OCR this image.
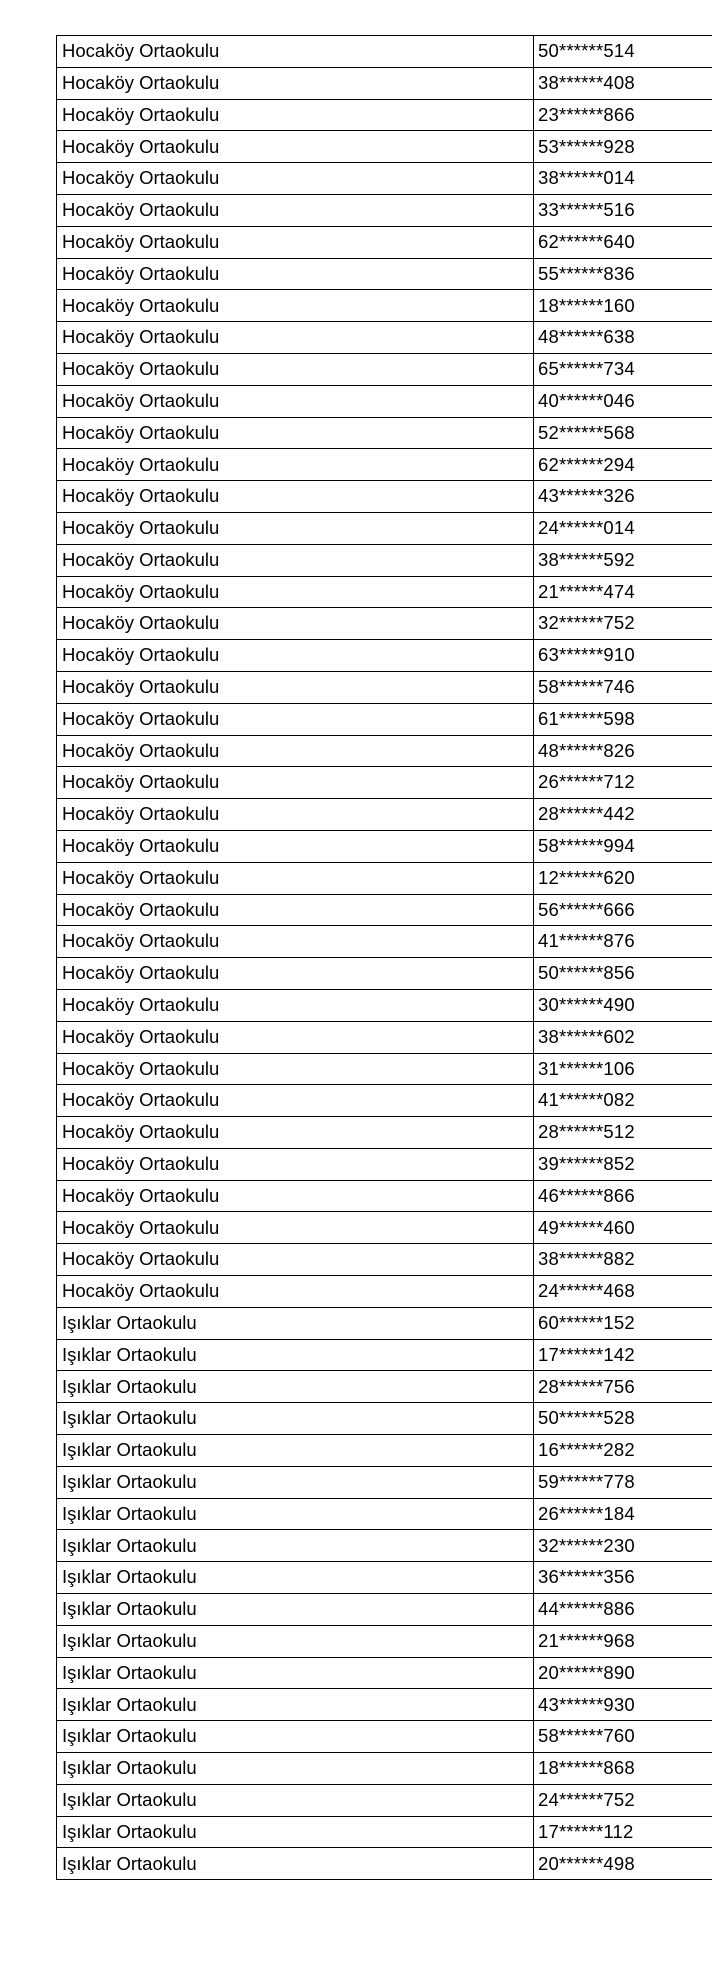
Hocaköy Ortaokulu	50******514
Hocaköy Ortaokulu	38******408
Hocaköy Ortaokulu	23******866
Hocaköy Ortaokulu	53******928
Hocaköy Ortaokulu	38******014
Hocaköy Ortaokulu	33******516
Hocaköy Ortaokulu	62******640
Hocaköy Ortaokulu	55******836
Hocaköy Ortaokulu	18******160
Hocaköy Ortaokulu	48******638
Hocaköy Ortaokulu	65******734
Hocaköy Ortaokulu	40******046
Hocaköy Ortaokulu	52******568
Hocaköy Ortaokulu	62******294
Hocaköy Ortaokulu	43******326
Hocaköy Ortaokulu	24******014
Hocaköy Ortaokulu	38******592
Hocaköy Ortaokulu	21******474
Hocaköy Ortaokulu	32******752
Hocaköy Ortaokulu	63******910
Hocaköy Ortaokulu	58******746
Hocaköy Ortaokulu	61******598
Hocaköy Ortaokulu	48******826
Hocaköy Ortaokulu	26******712
Hocaköy Ortaokulu	28******442
Hocaköy Ortaokulu	58******994
Hocaköy Ortaokulu	12******620
Hocaköy Ortaokulu	56******666
Hocaköy Ortaokulu	41******876
Hocaköy Ortaokulu	50******856
Hocaköy Ortaokulu	30******490
Hocaköy Ortaokulu	38******602
Hocaköy Ortaokulu	31******106
Hocaköy Ortaokulu	41******082
Hocaköy Ortaokulu	28******512
Hocaköy Ortaokulu	39******852
Hocaköy Ortaokulu	46******866
Hocaköy Ortaokulu	49******460
Hocaköy Ortaokulu	38******882
Hocaköy Ortaokulu	24******468
Işıklar Ortaokulu	60******152
Işıklar Ortaokulu	17******142
Işıklar Ortaokulu	28******756
Işıklar Ortaokulu	50******528
Işıklar Ortaokulu	16******282
Işıklar Ortaokulu	59******778
Işıklar Ortaokulu	26******184
Işıklar Ortaokulu	32******230
Işıklar Ortaokulu	36******356
Işıklar Ortaokulu	44******886
Işıklar Ortaokulu	21******968
Işıklar Ortaokulu	20******890
Işıklar Ortaokulu	43******930
Işıklar Ortaokulu	58******760
Işıklar Ortaokulu	18******868
Işıklar Ortaokulu	24******752
Işıklar Ortaokulu	17******112
Işıklar Ortaokulu	20******498
